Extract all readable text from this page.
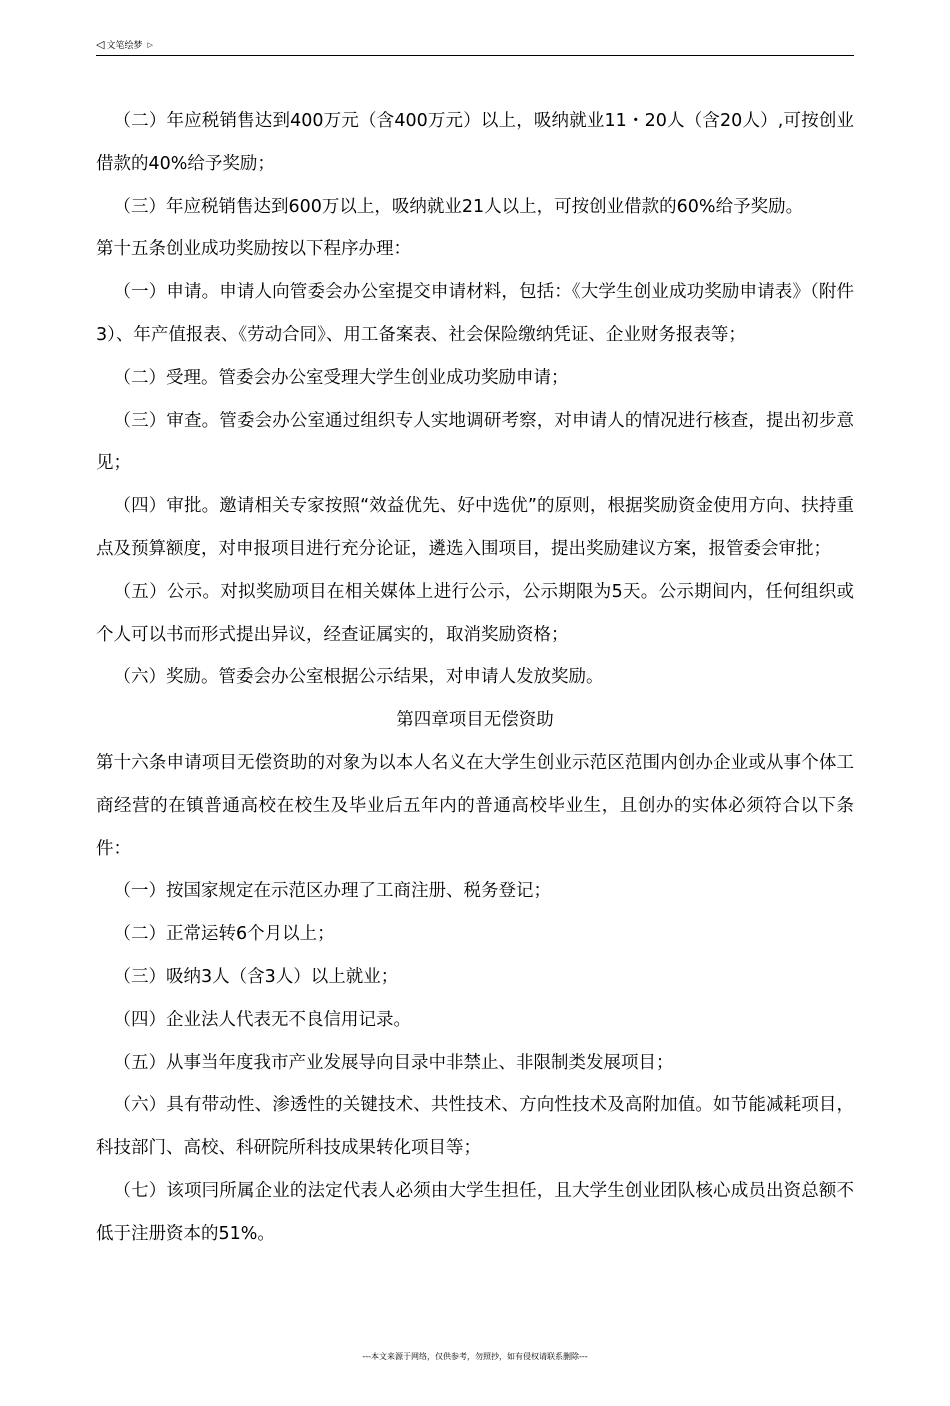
◁ 文笔绘梦 ▷

（二）年应税销售达到400万元（含400万元）以上，吸纳就业11・20人（含20人）,可按创业借款的40%给予奖励；

（三）年应税销售达到600万以上，吸纳就业21人以上，可按创业借款的60%给予奖励。

第十五条创业成功奖励按以下程序办理：

（一）申请。申请人向管委会办公室提交申请材料，包括：《大学生创业成功奖励申请表》（附件3）、年产值报表、《劳动合同》、用工备案表、社会保险缴纳凭证、企业财务报表等；

（二）受理。管委会办公室受理大学生创业成功奖励申请；

（三）审查。管委会办公室通过组织专人实地调研考察，对申请人的情况进行核查，提出初步意见；

（四）审批。邀请相关专家按照“效益优先、好中选优”的原则，根据奖励资金使用方向、扶持重点及预算额度，对申报项目进行充分论证，遴选入围项目，提出奖励建议方案，报管委会审批；

（五）公示。对拟奖励项目在相关媒体上进行公示，公示期限为5天。公示期间内，任何组织或个人可以书而形式提出异议，经查证属实的，取消奖励资格；

（六）奖励。管委会办公室根据公示结果，对申请人发放奖励。

第四章项目无偿资助

第十六条申请项目无偿资助的对象为以本人名义在大学生创业示范区范围内创办企业或从事个体工商经营的在镇普通高校在校生及毕业后五年内的普通高校毕业生，且创办的实体必须符合以下条件：

（一）按国家规定在示范区办理了工商注册、税务登记；

（二）正常运转6个月以上；

（三）吸纳3人（含3人）以上就业；

（四）企业法人代表无不良信用记录。

（五）从事当年度我市产业发展导向目录中非禁止、非限制类发展项目；

（六）具有带动性、渗透性的关键技术、共性技术、方向性技术及高附加值。如节能减耗项目，科技部门、高校、科研院所科技成果转化项目等；

（七）该项冃所属企业的法定代表人必须由大学生担任，且大学生创业团队核心成员出资总额不低于注册资本的51%。

---本文来源于网络，仅供参考，勿照抄，如有侵权请联系删除---
